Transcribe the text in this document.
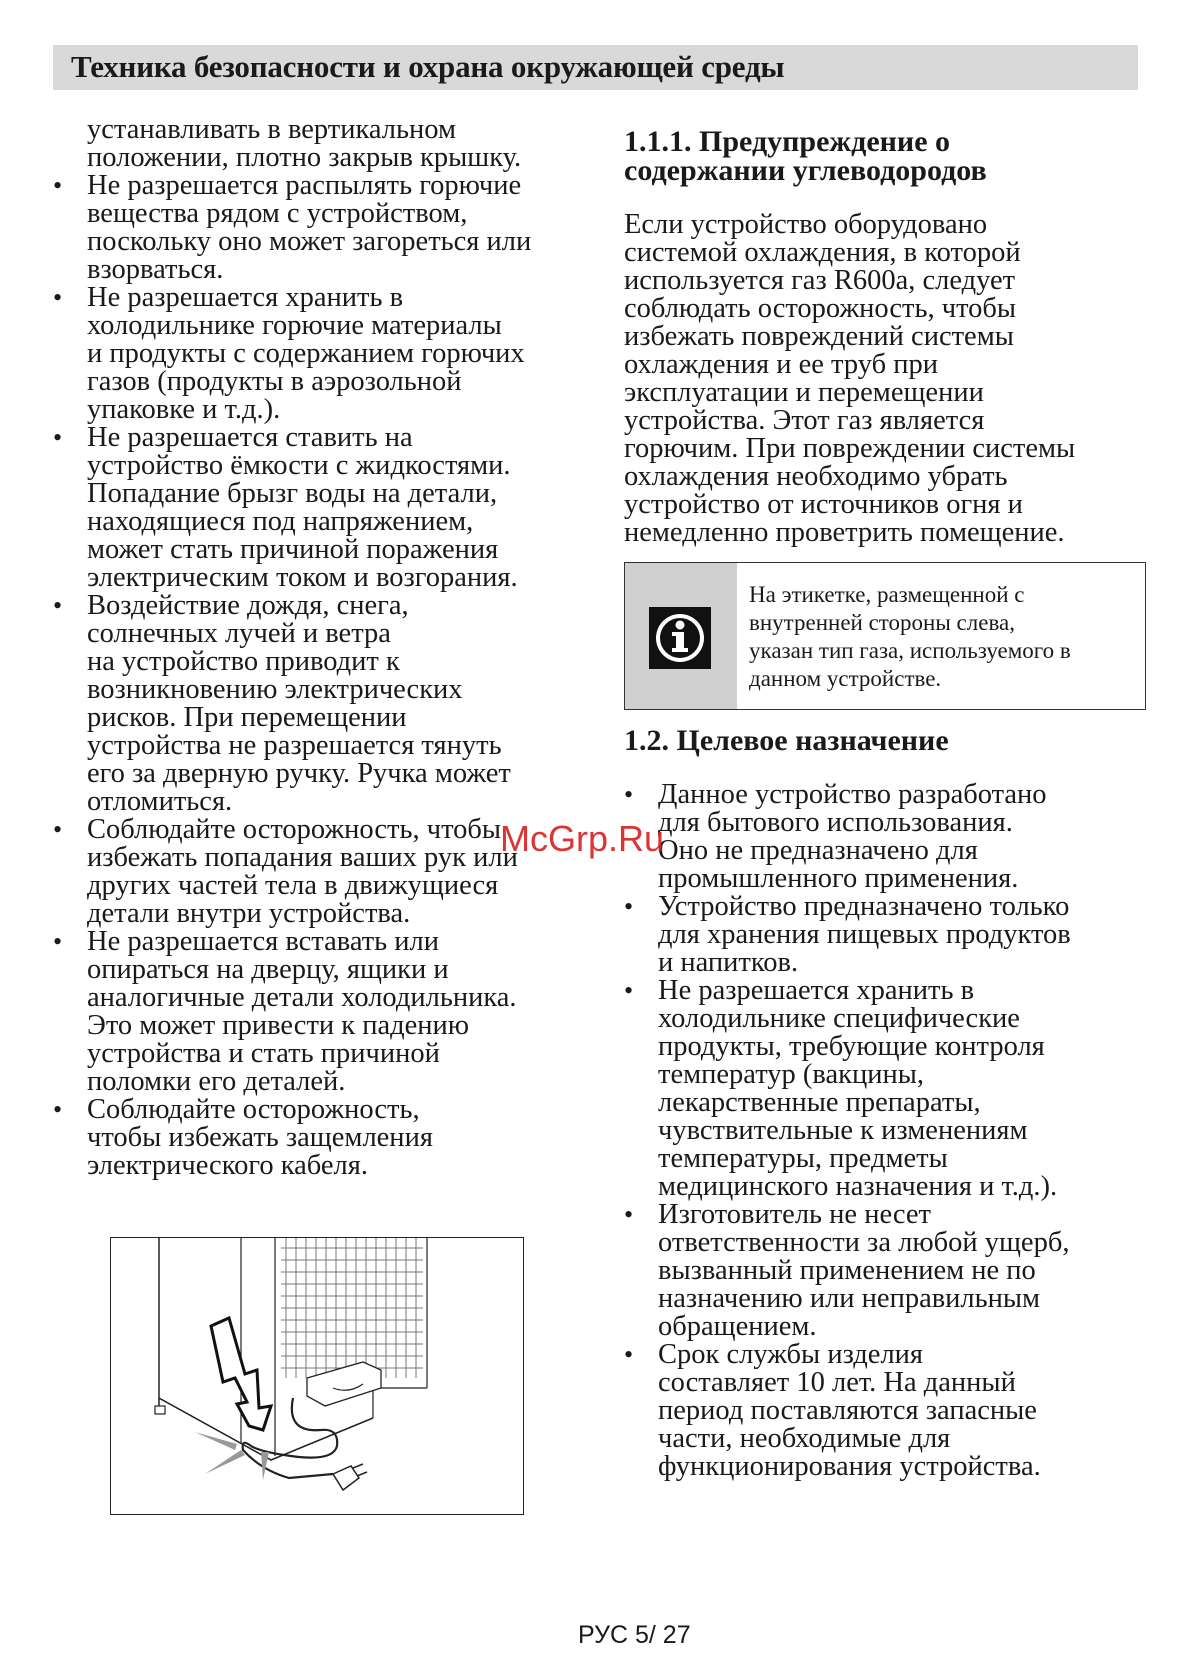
Техника безопасности и охрана окружающей среды
устанавливать в вертикальном
положении, плотно закрыв крышку.
• Не разрешается распылять горючие
вещества рядом с устройством,
поскольку оно может загореться или
взорваться.
• Не разрешается хранить в
холодильнике горючие материалы
и продукты с содержанием горючих
газов (продукты в аэрозольной
упаковке и т.д.).
• Не разрешается ставить на
устройство ёмкости с жидкостями.
Попадание брызг воды на детали,
находящиеся под напряжением,
может стать причиной поражения
электрическим током и возгорания.
• Воздействие дождя, снега,
солнечных лучей и ветра
на устройство приводит к
возникновению электрических
рисков. При перемещении
устройства не разрешается тянуть
его за дверную ручку. Ручка может
отломиться.
• Соблюдайте осторожность, чтобы
избежать попадания ваших рук или
других частей тела в движущиеся
детали внутри устройства.
• Не разрешается вставать или
опираться на дверцу, ящики и
аналогичные детали холодильника.
Это может привести к падению
устройства и стать причиной
поломки его деталей.
• Соблюдайте осторожность,
чтобы избежать защемления
электрического кабеля.
1.1.1. Предупреждение о
содержании углеводородов
Если устройство оборудовано
системой охлаждения, в которой
используется газ R600a, следует
соблюдать осторожность, чтобы
избежать повреждений системы
охлаждения и ее труб при
эксплуатации и перемещении
устройства. Этот газ является
горючим. При повреждении системы
охлаждения необходимо убрать
устройство от источников огня и
немедленно проветрить помещение.
На этикетке, размещенной с
внутренней стороны слева,
указан тип газа, используемого в
данном устройстве.
1.2. Целевое назначение
• Данное устройство разработано
для бытового использования.
Оно не предназначено для
промышленного применения.
• Устройство предназначено только
для хранения пищевых продуктов
и напитков.
• Не разрешается хранить в
холодильнике специфические
продукты, требующие контроля
температур (вакцины,
лекарственные препараты,
чувствительные к изменениям
температуры, предметы
медицинского назначения и т.д.).
• Изготовитель не несет
ответственности за любой ущерб,
вызванный применением не по
назначению или неправильным
обращением.
• Срок службы изделия
составляет 10 лет. На данный
период поставляются запасные
части, необходимые для
функционирования устройства.
McGrp.Ru
РУС 5/ 27
